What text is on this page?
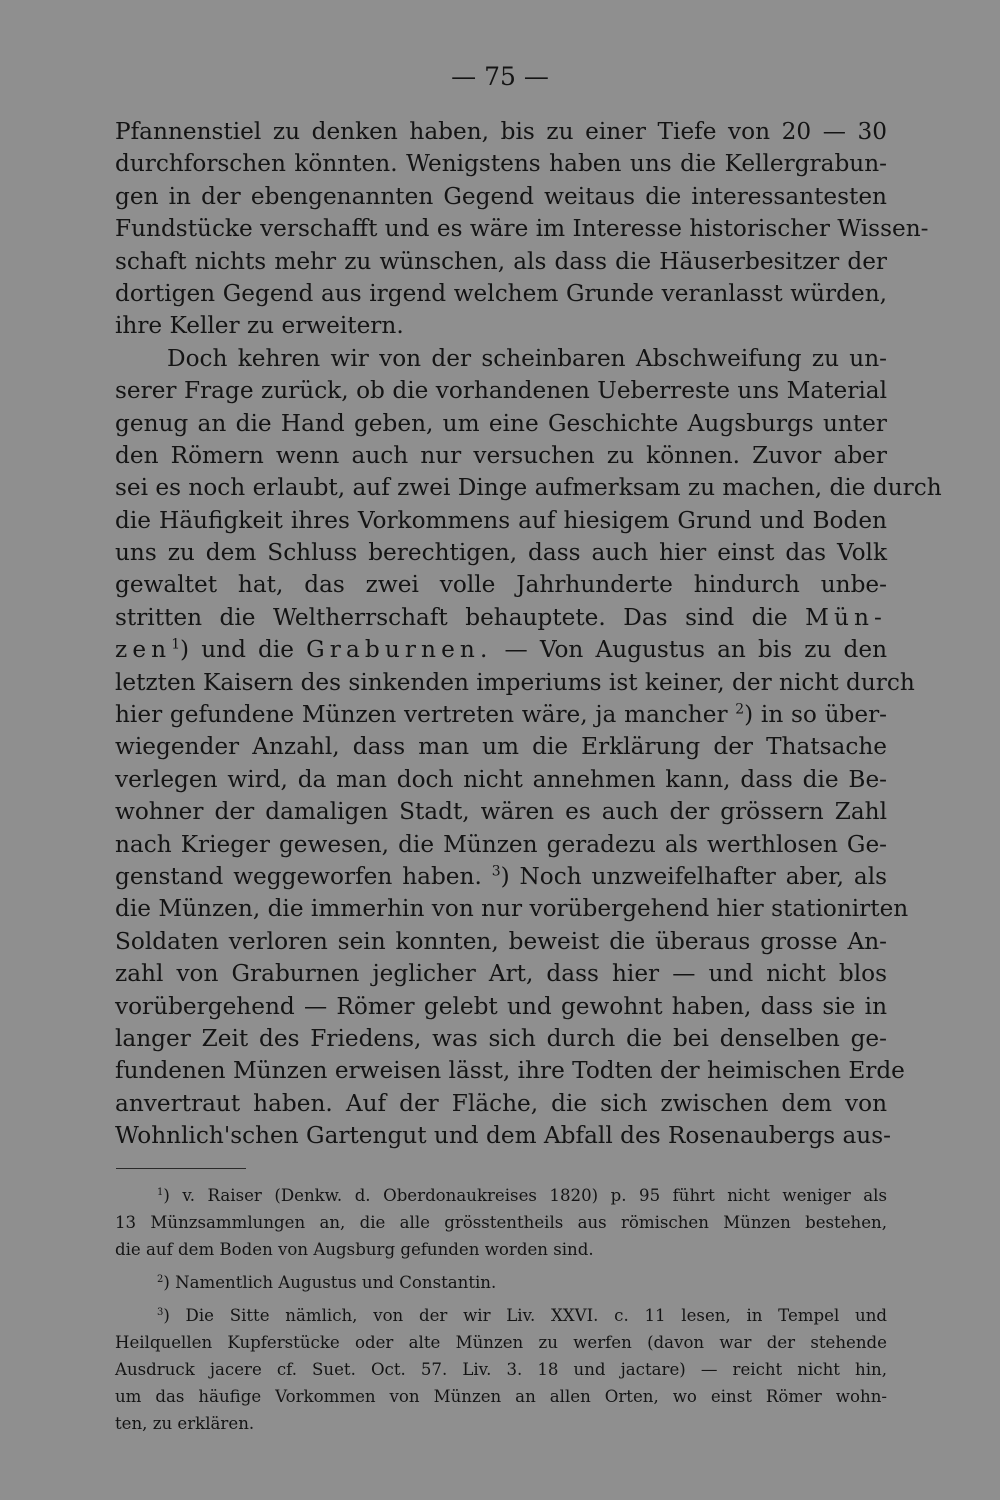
— 75 —
Pfannenstiel zu denken haben, bis zu einer Tiefe von 20 — 30
durchforschen könnten. Wenigstens haben uns die Kellergrabun-
gen in der ebengenannten Gegend weitaus die interessantesten
Fundstücke verschafft und es wäre im Interesse historischer Wissen-
schaft nichts mehr zu wünschen, als dass die Häuserbesitzer der
dortigen Gegend aus irgend welchem Grunde veranlasst würden,
ihre Keller zu erweitern.
Doch kehren wir von der scheinbaren Abschweifung zu un-
serer Frage zurück, ob die vorhandenen Ueberreste uns Material
genug an die Hand geben, um eine Geschichte Augsburgs unter
den Römern wenn auch nur versuchen zu können. Zuvor aber
sei es noch erlaubt, auf zwei Dinge aufmerksam zu machen, die durch
die Häufigkeit ihres Vorkommens auf hiesigem Grund und Boden
uns zu dem Schluss berechtigen, dass auch hier einst das Volk
gewaltet hat, das zwei volle Jahrhunderte hindurch unbe-
stritten die Weltherrschaft behauptete. Das sind die Mün-
zen$^1$) und die Graburnen. — Von Augustus an bis zu den
letzten Kaisern des sinkenden imperiums ist keiner, der nicht durch
hier gefundene Münzen vertreten wäre, ja mancher $^2$) in so über-
wiegender Anzahl, dass man um die Erklärung der Thatsache
verlegen wird, da man doch nicht annehmen kann, dass die Be-
wohner der damaligen Stadt, wären es auch der grössern Zahl
nach Krieger gewesen, die Münzen geradezu als werthlosen Ge-
genstand weggeworfen haben. $^3$) Noch unzweifelhafter aber, als
die Münzen, die immerhin von nur vorübergehend hier stationirten
Soldaten verloren sein konnten, beweist die überaus grosse An-
zahl von Graburnen jeglicher Art, dass hier — und nicht blos
vorübergehend — Römer gelebt und gewohnt haben, dass sie in
langer Zeit des Friedens, was sich durch die bei denselben ge-
fundenen Münzen erweisen lässt, ihre Todten der heimischen Erde
anvertraut haben. Auf der Fläche, die sich zwischen dem von
Wohnlich'schen Gartengut und dem Abfall des Rosenaubergs aus-
$^1$) v. Raiser (Denkw. d. Oberdonaukreises 1820) p. 95 führt nicht weniger als
13 Münzsammlungen an, die alle grösstentheils aus römischen Münzen bestehen,
die auf dem Boden von Augsburg gefunden worden sind.
$^2$) Namentlich Augustus und Constantin.
$^3$) Die Sitte nämlich, von der wir Liv. XXVI. c. 11 lesen, in Tempel und
Heilquellen Kupferstücke oder alte Münzen zu werfen (davon war der stehende
Ausdruck jacere cf. Suet. Oct. 57. Liv. 3. 18 und jactare) — reicht nicht hin,
um das häufige Vorkommen von Münzen an allen Orten, wo einst Römer wohn-
ten, zu erklären.
